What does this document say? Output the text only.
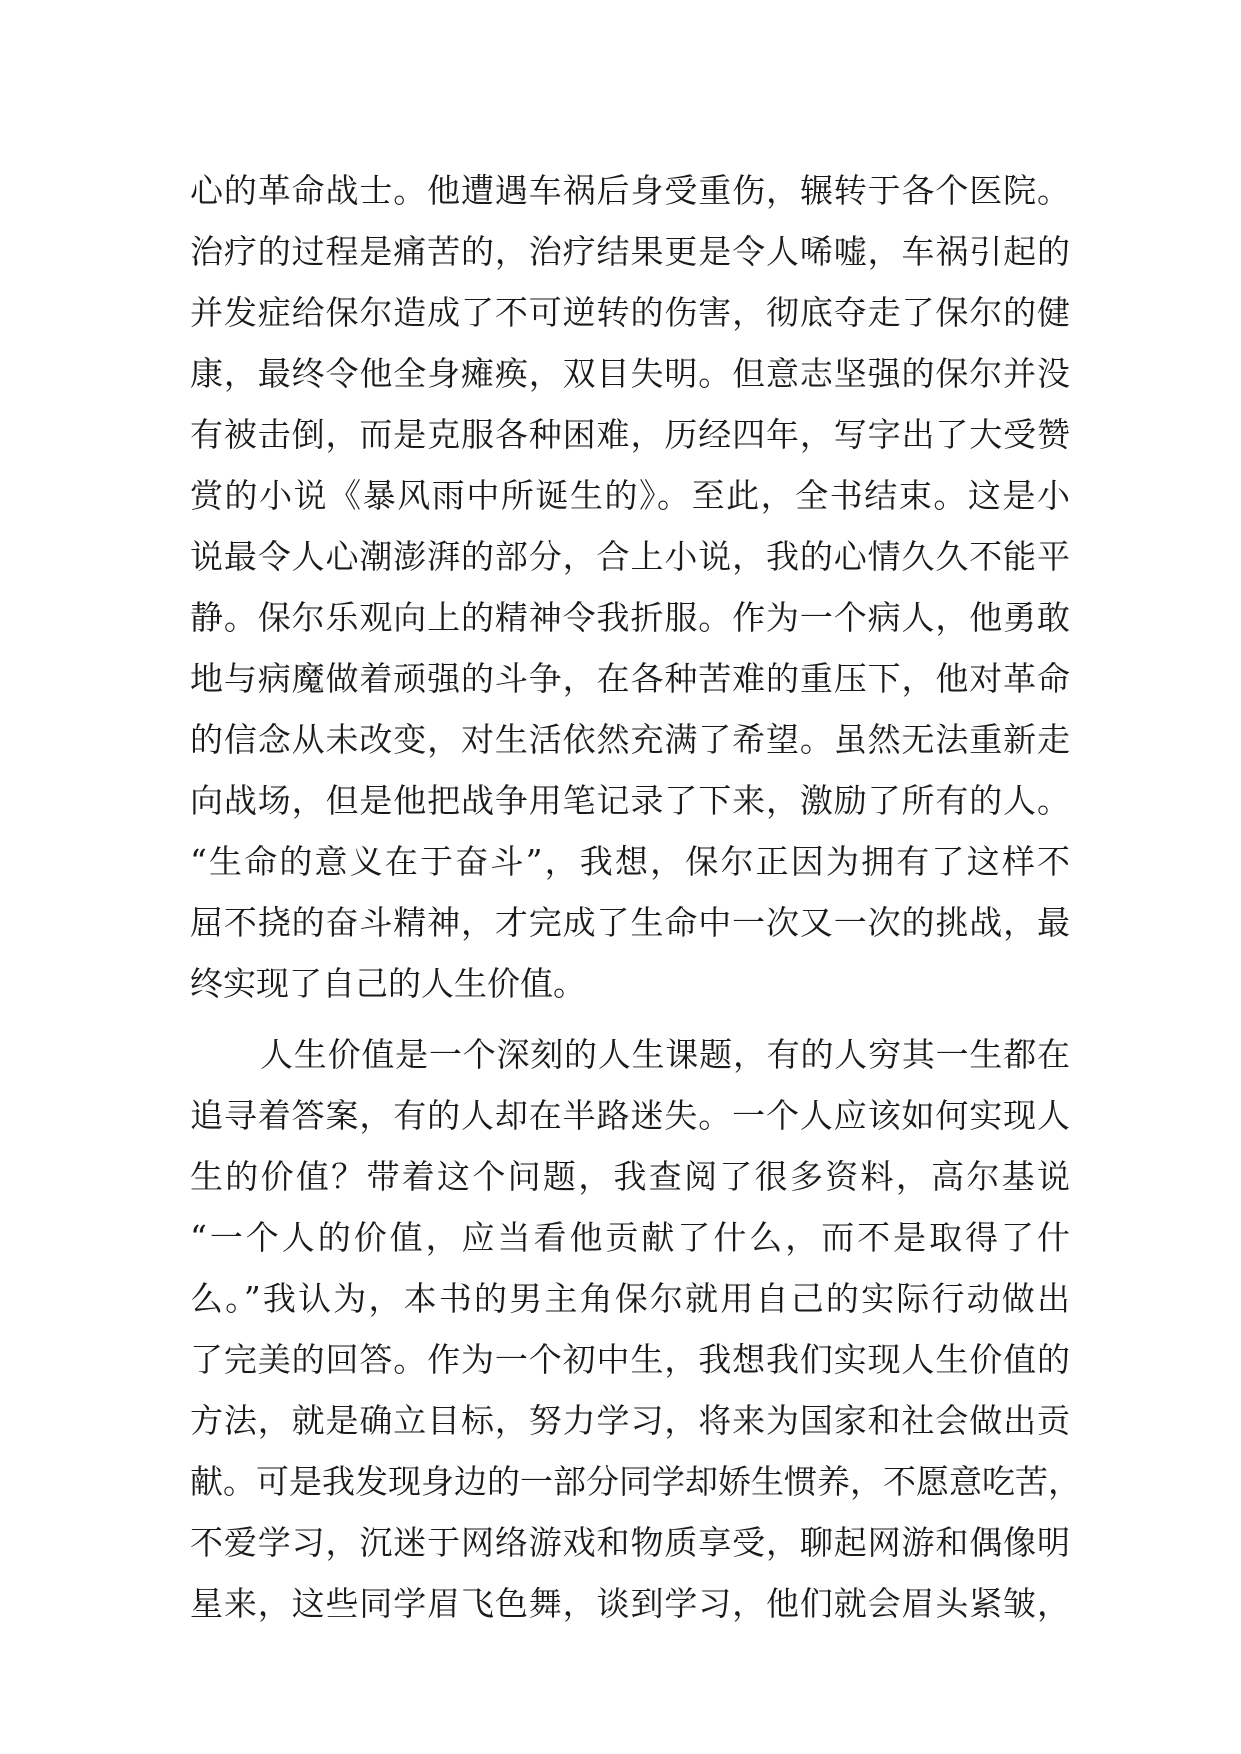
心的革命战士。他遭遇车祸后身受重伤，辗转于各个医院。
治疗的过程是痛苦的，治疗结果更是令人唏嘘，车祸引起的
并发症给保尔造成了不可逆转的伤害，彻底夺走了保尔的健
康，最终令他全身瘫痪，双目失明。但意志坚强的保尔并没
有被击倒，而是克服各种困难，历经四年，写字出了大受赞
赏的小说《暴风雨中所诞生的》。至此，全书结束。这是小
说最令人心潮澎湃的部分，合上小说，我的心情久久不能平
静。保尔乐观向上的精神令我折服。作为一个病人，他勇敢
地与病魔做着顽强的斗争，在各种苦难的重压下，他对革命
的信念从未改变，对生活依然充满了希望。虽然无法重新走
向战场，但是他把战争用笔记录了下来，激励了所有的人。
“生命的意义在于奋斗”，我想，保尔正因为拥有了这样不
屈不挠的奋斗精神，才完成了生命中一次又一次的挑战，最
终实现了自己的人生价值。
人生价值是一个深刻的人生课题，有的人穷其一生都在
追寻着答案，有的人却在半路迷失。一个人应该如何实现人
生的价值？带着这个问题，我查阅了很多资料，高尔基说
“一个人的价值，应当看他贡献了什么，而不是取得了什
么。”我认为，本书的男主角保尔就用自己的实际行动做出
了完美的回答。作为一个初中生，我想我们实现人生价值的
方法，就是确立目标，努力学习，将来为国家和社会做出贡
献。可是我发现身边的一部分同学却娇生惯养，不愿意吃苦，
不爱学习，沉迷于网络游戏和物质享受，聊起网游和偶像明
星来，这些同学眉飞色舞，谈到学习，他们就会眉头紧皱，
